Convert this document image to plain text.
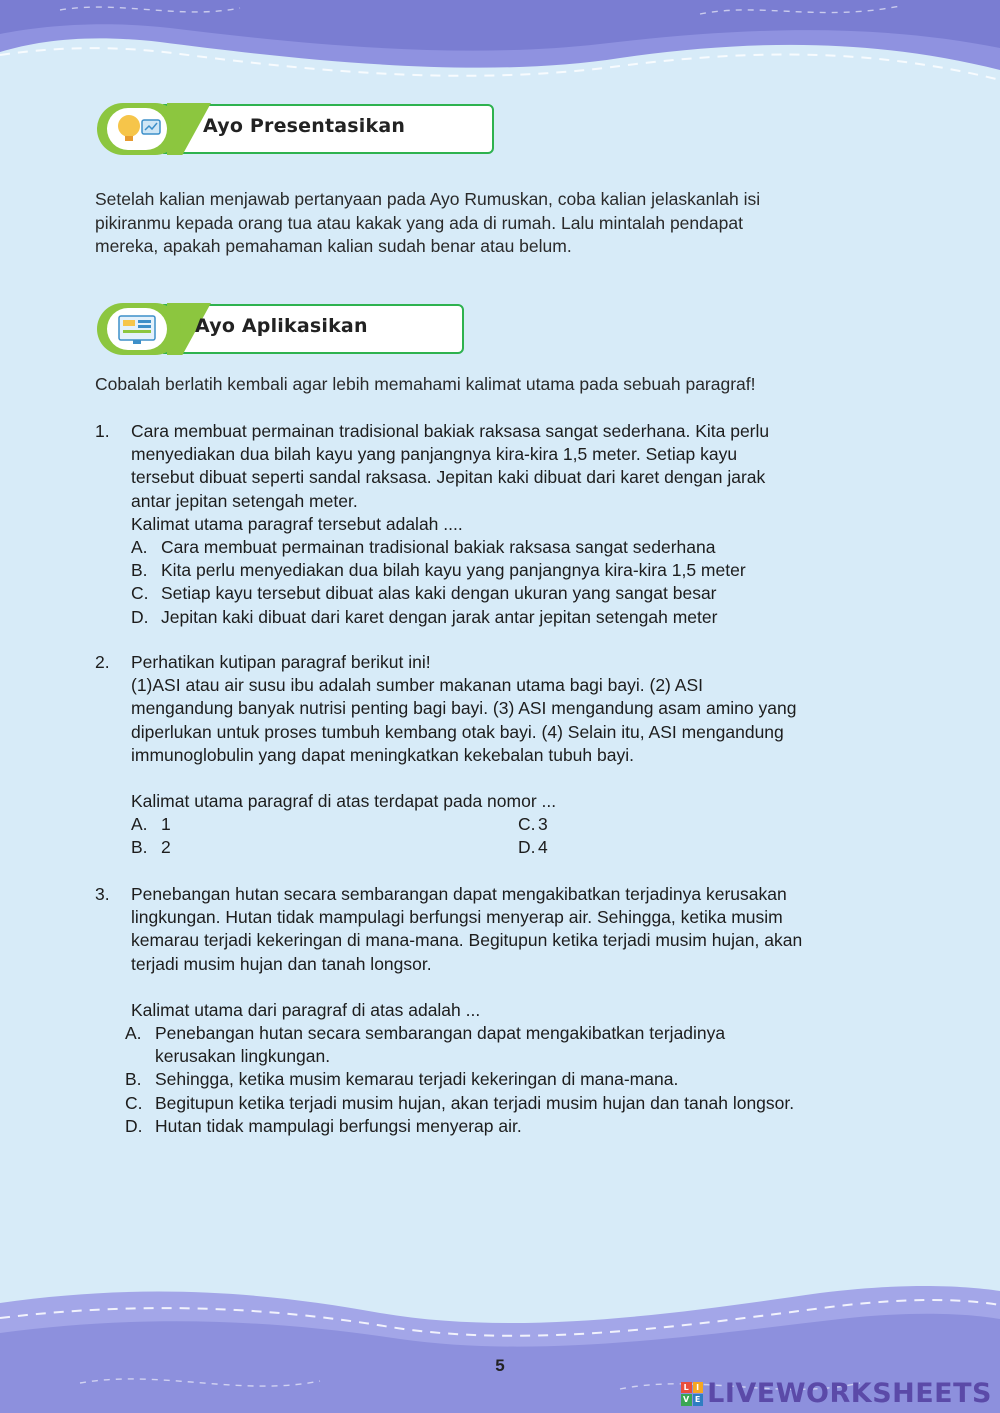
Ayo Presentasikan
Setelah kalian menjawab pertanyaan pada Ayo Rumuskan, coba kalian jelaskanlah isi
pikiranmu kepada orang tua atau kakak yang ada di rumah. Lalu mintalah pendapat
mereka, apakah pemahaman kalian sudah benar atau belum.
Ayo Aplikasikan
Cobalah berlatih kembali agar lebih memahami kalimat utama pada sebuah paragraf!
1. Cara membuat permainan tradisional bakiak raksasa sangat sederhana. Kita perlu

menyediakan dua bilah kayu yang panjangnya kira-kira 1,5 meter. Setiap kayu

tersebut dibuat seperti sandal raksasa. Jepitan kaki dibuat dari karet dengan jarak

antar jepitan setengah meter.

Kalimat utama paragraf tersebut adalah ....

A. Cara membuat permainan tradisional bakiak raksasa sangat sederhana
B. Kita perlu menyediakan dua bilah kayu yang panjangnya kira-kira 1,5 meter
C. Setiap kayu tersebut dibuat alas kaki dengan ukuran yang sangat besar
D. Jepitan kaki dibuat dari karet dengan jarak antar jepitan setengah meter
2. Perhatikan kutipan paragraf berikut ini!

(1)ASI atau air susu ibu adalah sumber makanan utama bagi bayi. (2) ASI

mengandung banyak nutrisi penting bagi bayi. (3) ASI mengandung asam amino yang

diperlukan untuk proses tumbuh kembang otak bayi. (4) Selain itu, ASI mengandung

immunoglobulin yang dapat meningkatkan kekebalan tubuh bayi.

Kalimat utama paragraf di atas terdapat pada nomor ...

A. 1	C. 3
B. 2	D. 4
3. Penebangan hutan secara sembarangan dapat mengakibatkan terjadinya kerusakan

lingkungan. Hutan tidak mampulagi berfungsi menyerap air. Sehingga, ketika musim

kemarau terjadi kekeringan di mana-mana. Begitupun ketika terjadi musim hujan, akan

terjadi musim hujan dan tanah longsor.

Kalimat utama dari paragraf di atas adalah ...

A. Penebangan hutan secara sembarangan dapat mengakibatkan terjadinya
kerusakan lingkungan.
B. Sehingga, ketika musim kemarau terjadi kekeringan di mana-mana.
C. Begitupun ketika terjadi musim hujan, akan terjadi musim hujan dan tanah longsor.
D. Hutan tidak mampulagi berfungsi menyerap air.
5
L I
V E LIVEWORKSHEETS
